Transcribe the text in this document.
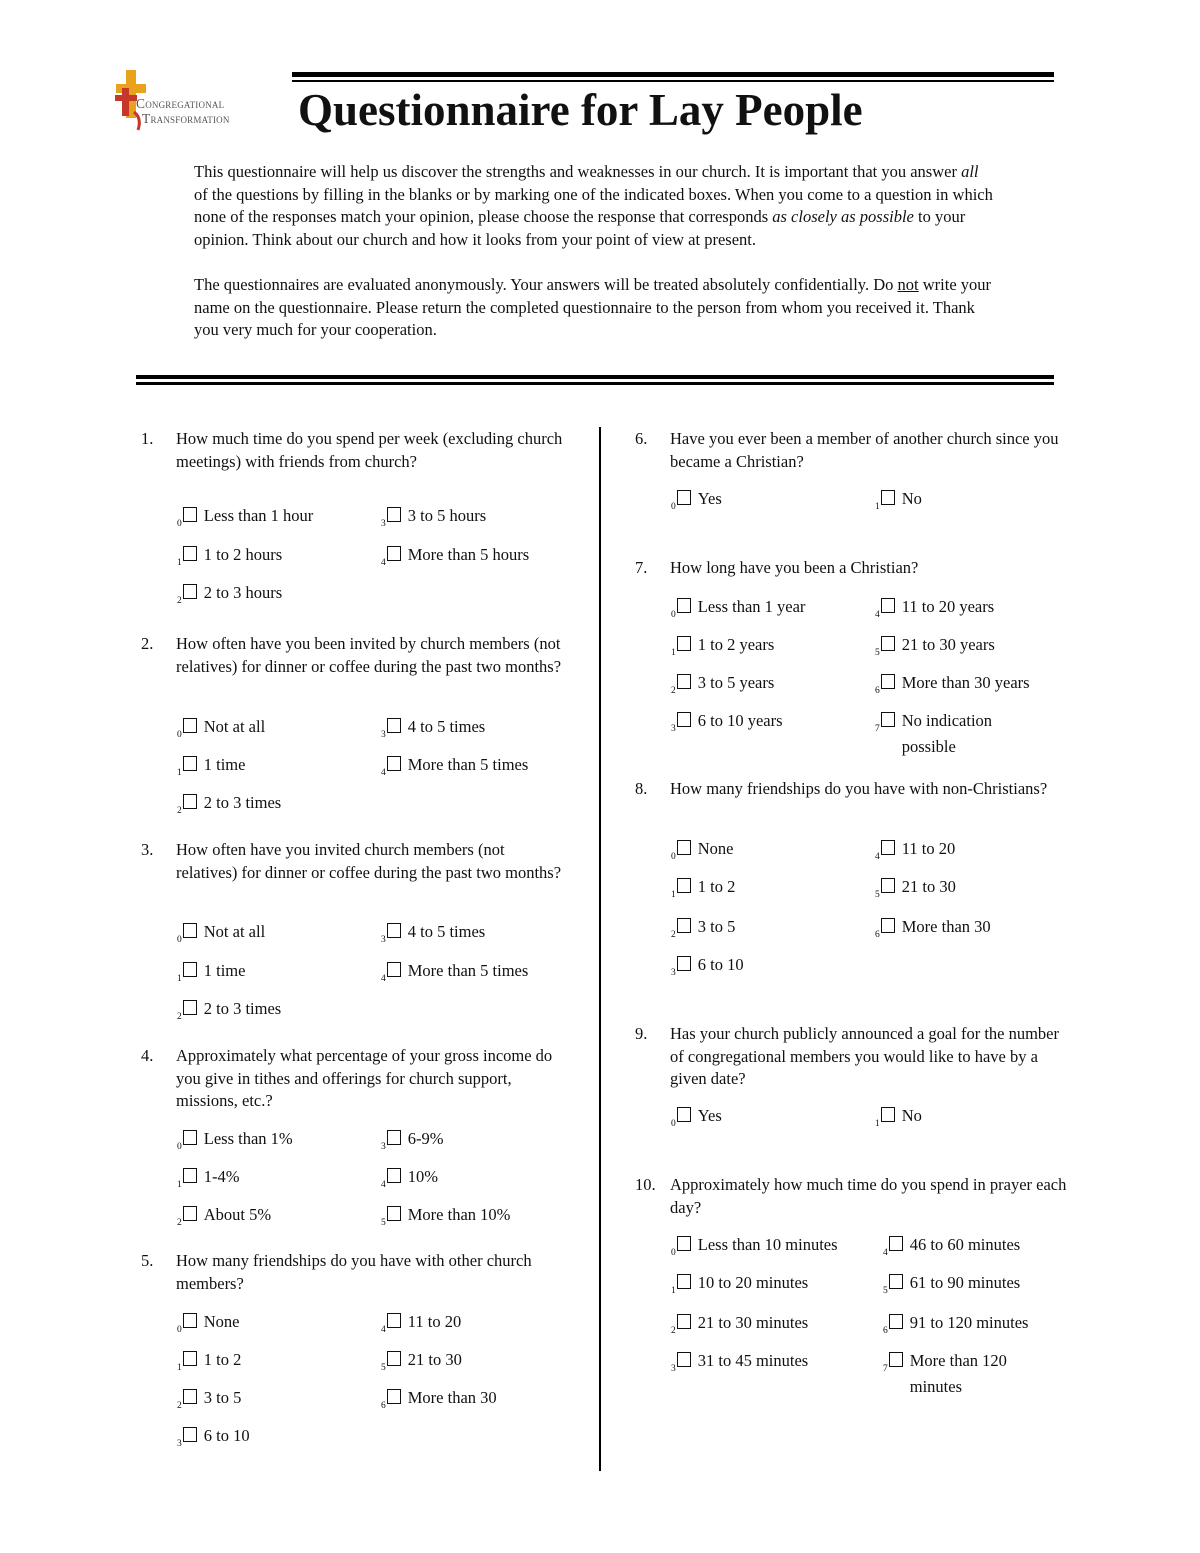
Congregational
Transformation Questionnaire for Lay People

This questionnaire will help us discover the strengths and weaknesses in our church. It is important that you answer all of the questions by filling in the blanks or by marking one of the indicated boxes. When you come to a question in which none of the responses match your opinion, please choose the response that corresponds as closely as possible to your opinion. Think about our church and how it looks from your point of view at present.

The questionnaires are evaluated anonymously. Your answers will be treated absolutely confidentially. Do not write your name on the questionnaire. Please return the completed questionnaire to the person from whom you received it. Thank you very much for your cooperation.

1.	How much time do you spend per week (excluding church meetings) with friends from church?
$_0$ Less than 1 hour
$_1$ 1 to 2 hours
$_2$ 2 to 3 hours
$_3$ 3 to 5 hours
$_4$ More than 5 hours
2.	How often have you been invited by church members (not relatives) for dinner or coffee during the past two months?
$_0$ Not at all
$_1$ 1 time
$_2$ 2 to 3 times
$_3$ 4 to 5 times
$_4$ More than 5 times
3.	How often have you invited church members (not relatives) for dinner or coffee during the past two months?
$_0$ Not at all
$_1$ 1 time
$_2$ 2 to 3 times
$_3$ 4 to 5 times
$_4$ More than 5 times
4.	Approximately what percentage of your gross income do you give in tithes and offerings for church support, missions, etc.?
$_0$ Less than 1%
$_1$ 1-4%
$_2$ About 5%
$_3$ 6-9%
$_4$ 10%
$_5$ More than 10%
5.	How many friendships do you have with other church members?
$_0$ None
$_1$ 1 to 2
$_2$ 3 to 5
$_3$ 6 to 10
$_4$ 11 to 20
$_5$ 21 to 30
$_6$ More than 30
6.	Have you ever been a member of another church since you became a Christian?
$_0$ Yes	$_1$ No
7.	How long have you been a Christian?
$_0$ Less than 1 year
$_1$ 1 to 2 years
$_2$ 3 to 5 years
$_3$ 6 to 10 years
$_4$ 11 to 20 years
$_5$ 21 to 30 years
$_6$ More than 30 years
$_7$ No indication possible
8.	How many friendships do you have with non-Christians?
$_0$ None
$_1$ 1 to 2
$_2$ 3 to 5
$_3$ 6 to 10
$_4$ 11 to 20
$_5$ 21 to 30
$_6$ More than 30
9.	Has your church publicly announced a goal for the number of congregational members you would like to have by a given date?
$_0$ Yes	$_1$ No
10. Approximately how much time do you spend in prayer each day?
$_0$ Less than 10 minutes
$_1$ 10 to 20 minutes
$_2$ 21 to 30 minutes
$_3$ 31 to 45 minutes
$_4$ 46 to 60 minutes
$_5$ 61 to 90 minutes
$_6$ 91 to 120 minutes
$_7$ More than 120 minutes
